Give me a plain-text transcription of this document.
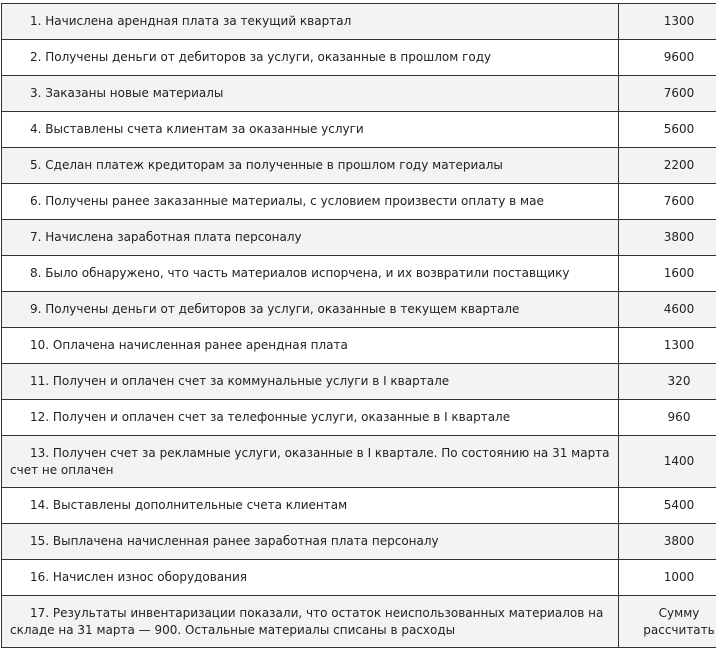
1. Начислена арендная плата за текущий квартал	1300
2. Получены деньги от дебиторов за услуги, оказанные в прошлом году	9600
3. Заказаны новые материалы	7600
4. Выставлены счета клиентам за оказанные услуги	5600
5. Сделан платеж кредиторам за полученные в прошлом году материалы	2200
6. Получены ранее заказанные материалы, с условием произвести оплату в мае	7600
7. Начислена заработная плата персоналу	3800
8. Было обнаружено, что часть материалов испорчена, и их возвратили поставщику	1600
9. Получены деньги от дебиторов за услуги, оказанные в текущем квартале	4600
10. Оплачена начисленная ранее арендная плата	1300
11. Получен и оплачен счет за коммунальные услуги в I квартале	320
12. Получен и оплачен счет за телефонные услуги, оказанные в I квартале	960
13. Получен счет за рекламные услуги, оказанные в I квартале. По состоянию на 31 марта счет не оплачен	1400
14. Выставлены дополнительные счета клиентам	5400
15. Выплачена начисленная ранее заработная плата персоналу	3800
16. Начислен износ оборудования	1000
17. Результаты инвентаризации показали, что остаток неиспользованных материалов на складе на 31 марта — 900. Остальные материалы списаны в расходы	Сумму рассчитать
